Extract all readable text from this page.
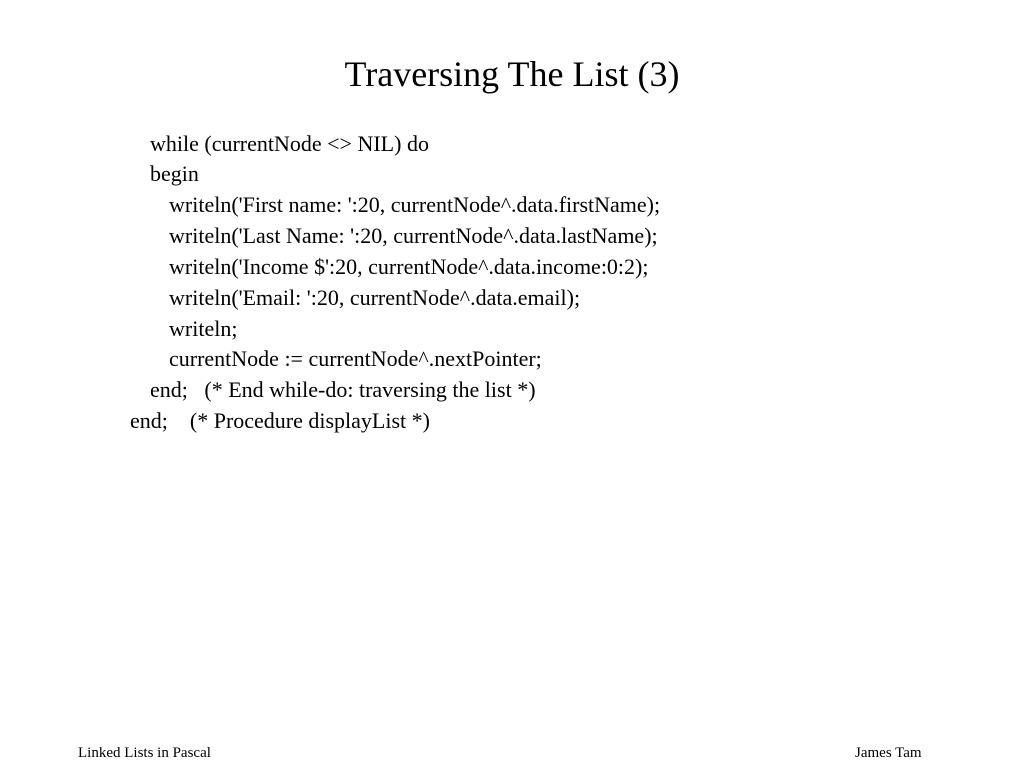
Traversing The List (3)
while (currentNode <> NIL) do
begin
writeln('First name: ':20, currentNode^.data.firstName);
writeln('Last Name: ':20, currentNode^.data.lastName);
writeln('Income $':20, currentNode^.data.income:0:2);
writeln('Email: ':20, currentNode^.data.email);
writeln;
currentNode := currentNode^.nextPointer;
end;   (* End while-do: traversing the list *)
end;    (* Procedure displayList *)
Linked Lists in Pascal	James Tam
